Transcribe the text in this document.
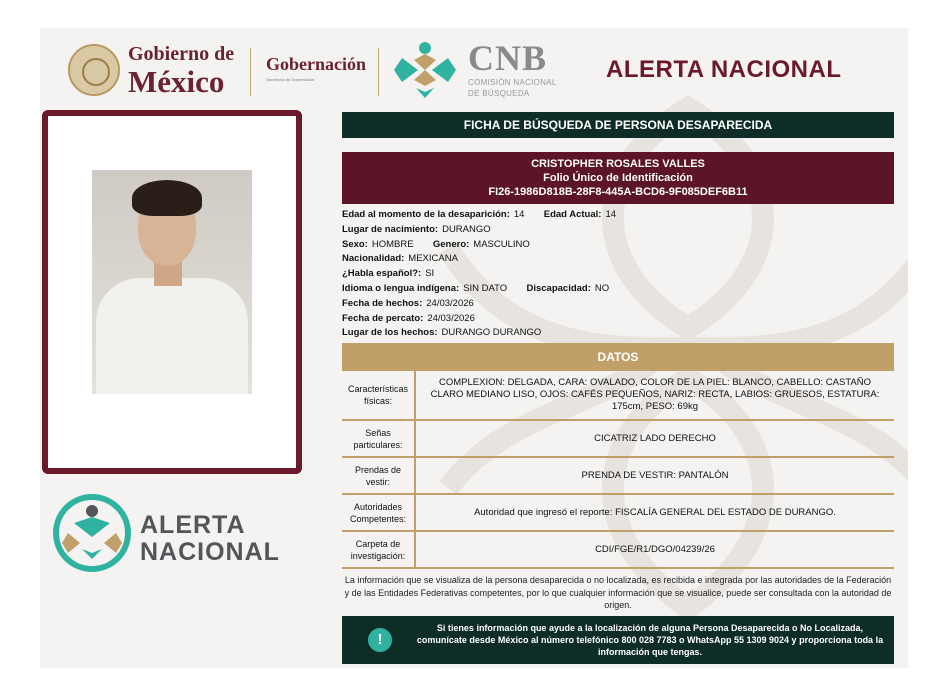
Gobierno de
México	Gobernación
Secretaría de Gobernación
CNB
COMISIÓN NACIONAL
DE BÚSQUEDA
ALERTA NACIONAL
ALERTA
NACIONAL
FICHA DE BÚSQUEDA DE PERSONA DESAPARECIDA
CRISTOPHER ROSALES VALLES
Folio Único de Identificación
FI26-1986D818B-28F8-445A-BCD6-9F085DEF6B11
Edad al momento de la desaparición: 14 Edad Actual: 14
Lugar de nacimiento: DURANGO
Sexo: HOMBRE Genero: MASCULINO
Nacionalidad: MEXICANA
¿Habla español?: SI
Idioma o lengua indígena: SIN DATO Discapacidad: NO
Fecha de hechos: 24/03/2026
Fecha de percato: 24/03/2026
Lugar de los hechos: DURANGO DURANGO
DATOS
Características físicas:
COMPLEXION: DELGADA, CARA: OVALADO, COLOR DE LA PIEL: BLANCO, CABELLO: CASTAÑO CLARO MEDIANO LISO, OJOS: CAFÉS PEQUEÑOS, NARIZ: RECTA, LABIOS: GRUESOS, ESTATURA: 175cm, PESO: 69kg
Señas particulares:
CICATRIZ LADO DERECHO
Prendas de vestir:
PRENDA DE VESTIR: PANTALÓN
Autoridades Competentes:
Autoridad que ingresó el reporte: FISCALÍA GENERAL DEL ESTADO DE DURANGO.
Carpeta de investigación:
CDI/FGE/R1/DGO/04239/26
La información que se visualiza de la persona desaparecida o no localizada, es recibida e integrada por las autoridades de la Federación y de las Entidades Federativas competentes, por lo que cualquier información que se visualice, puede ser consultada con la autoridad de origen.
!
Si tienes información que ayude a la localización de alguna Persona Desaparecida o No Localizada, comunícate desde México al número telefónico 800 028 7783 o WhatsApp 55 1309 9024 y proporciona toda la información que tengas.
